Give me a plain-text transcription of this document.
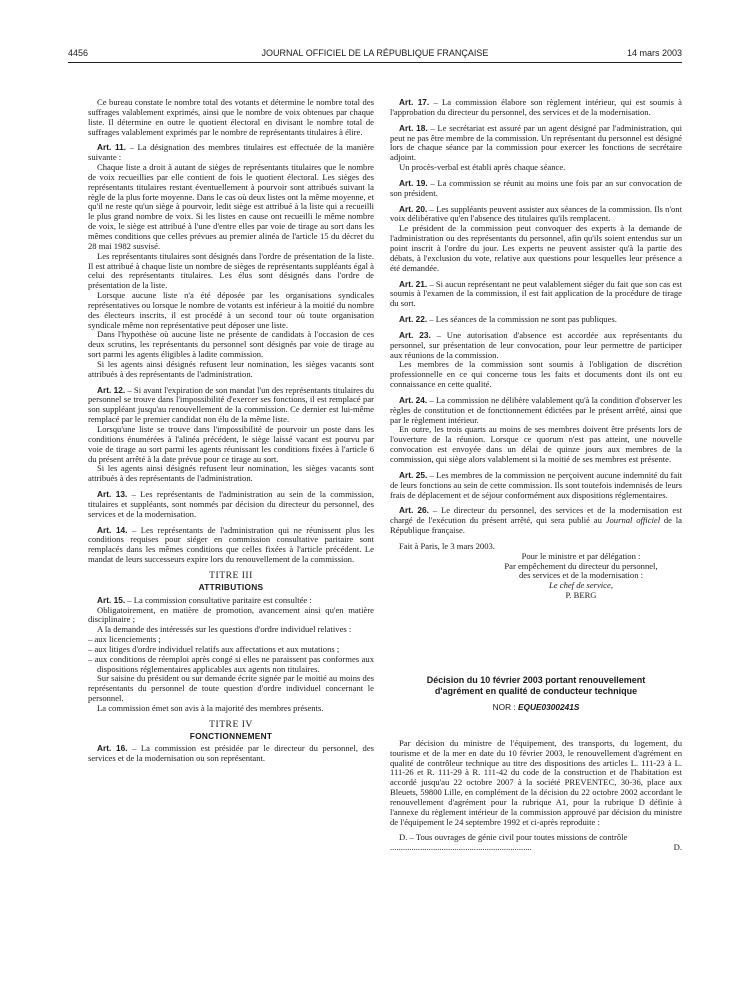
4456	JOURNAL OFFICIEL DE LA RÉPUBLIQUE FRANÇAISE	14 mars 2003

Ce bureau constate le nombre total des votants et détermine le nombre total des suffrages valablement exprimés, ainsi que le nombre de voix obtenues par chaque liste. Il détermine en outre le quotient électoral en divisant le nombre total de suffrages valablement exprimés par le nombre de représentants titulaires à élire.

Art. 11. – La désignation des membres titulaires est effectuée de la manière suivante :

Chaque liste a droit à autant de sièges de représentants titulaires que le nombre de voix recueillies par elle contient de fois le quotient électoral. Les sièges des représentants titulaires restant éventuellement à pourvoir sont attribués suivant la règle de la plus forte moyenne. Dans le cas où deux listes ont la même moyenne, et qu'il ne reste qu'un siège à pourvoir, ledit siège est attribué à la liste qui a recueilli le plus grand nombre de voix. Si les listes en cause ont recueilli le même nombre de voix, le siège est attribué à l'une d'entre elles par voie de tirage au sort dans les mêmes conditions que celles prévues au premier alinéa de l'article 15 du décret du 28 mai 1982 susvisé.

Les représentants titulaires sont désignés dans l'ordre de présentation de la liste. Il est attribué à chaque liste un nombre de sièges de représentants suppléants égal à celui des représentants titulaires. Les élus sont désignés dans l'ordre de présentation de la liste.

Lorsque aucune liste n'a été déposée par les organisations syndicales représentatives ou lorsque le nombre de votants est inférieur à la moitié du nombre des électeurs inscrits, il est procédé à un second tour où toute organisation syndicale même non représentative peut déposer une liste.

Dans l'hypothèse où aucune liste ne présente de candidats à l'occasion de ces deux scrutins, les représentants du personnel sont désignés par voie de tirage au sort parmi les agents éligibles à ladite commission.

Si les agents ainsi désignés refusent leur nomination, les sièges vacants sont attribués à des représentants de l'administration.

Art. 12. – Si avant l'expiration de son mandat l'un des représentants titulaires du personnel se trouve dans l'impossibilité d'exercer ses fonctions, il est remplacé par son suppléant jusqu'au renouvellement de la commission. Ce dernier est lui-même remplacé par le premier candidat non élu de la même liste.

Lorsqu'une liste se trouve dans l'impossibilité de pourvoir un poste dans les conditions énumérées à l'alinéa précédent, le siège laissé vacant est pourvu par voie de tirage au sort parmi les agents réunissant les conditions fixées à l'article 6 du présent arrêté à la date prévue pour ce tirage au sort.

Si les agents ainsi désignés refusent leur nomination, les sièges vacants sont attribués à des représentants de l'administration.

Art. 13. – Les représentants de l'administration au sein de la commission, titulaires et suppléants, sont nommés par décision du directeur du personnel, des services et de la modernisation.

Art. 14. – Les représentants de l'administration qui ne réunissent plus les conditions requises pour siéger en commission consultative paritaire sont remplacés dans les mêmes conditions que celles fixées à l'article précédent. Le mandat de leurs successeurs expire lors du renouvellement de la commission.

TITRE III
ATTRIBUTIONS

Art. 15. – La commission consultative paritaire est consultée :

Obligatoirement, en matière de promotion, avancement ainsi qu'en matière disciplinaire ;

A la demande des intéressés sur les questions d'ordre individuel relatives :

– aux licenciements ;
– aux litiges d'ordre individuel relatifs aux affectations et aux mutations ;
– aux conditions de réemploi après congé si elles ne paraissent pas conformes aux dispositions réglementaires applicables aux agents non titulaires.

Sur saisine du président ou sur demande écrite signée par le moitié au moins des représentants du personnel de toute question d'ordre individuel concernant le personnel.

La commission émet son avis à la majorité des membres présents.

TITRE IV
FONCTIONNEMENT

Art. 16. – La commission est présidée par le directeur du personnel, des services et de la modernisation ou son représentant.

Art. 17. – La commission élabore son règlement intérieur, qui est soumis à l'approbation du directeur du personnel, des services et de la modernisation.

Art. 18. – Le secrétariat est assuré par un agent désigné par l'administration, qui peut ne pas être membre de la commission. Un représentant du personnel est désigné lors de chaque séance par la commission pour exercer les fonctions de secrétaire adjoint.

Un procès-verbal est établi après chaque séance.

Art. 19. – La commission se réunit au moins une fois par an sur convocation de son président.

Art. 20. – Les suppléants peuvent assister aux séances de la commission. Ils n'ont voix délibérative qu'en l'absence des titulaires qu'ils remplacent.

Le président de la commission peut convoquer des experts à la demande de l'administration ou des représentants du personnel, afin qu'ils soient entendus sur un point inscrit à l'ordre du jour. Les experts ne peuvent assister qu'à la partie des débats, à l'exclusion du vote, relative aux questions pour lesquelles leur présence a été demandée.

Art. 21. – Si aucun représentant ne peut valablement siéger du fait que son cas est soumis à l'examen de la commission, il est fait application de la procédure de tirage du sort.

Art. 22. – Les séances de la commission ne sont pas publiques.

Art. 23. – Une autorisation d'absence est accordée aux représentants du personnel, sur présentation de leur convocation, pour leur permettre de participer aux réunions de la commission.

Les membres de la commission sont soumis à l'obligation de discrétion professionnelle en ce qui concerne tous les faits et documents dont ils ont eu connaissance en cette qualité.

Art. 24. – La commission ne délibère valablement qu'à la condition d'observer les règles de constitution et de fonctionnement édictées par le présent arrêté, ainsi que par le règlement intérieur.

En outre, les trois quarts au moins de ses membres doivent être présents lors de l'ouverture de la réunion. Lorsque ce quorum n'est pas atteint, une nouvelle convocation est envoyée dans un délai de quinze jours aux membres de la commission, qui siège alors valablement si la moitié de ses membres est présente.

Art. 25. – Les membres de la commission ne perçoivent aucune indemnité du fait de leurs fonctions au sein de cette commission. Ils sont toutefois indemnisés de leurs frais de déplacement et de séjour conformément aux dispositions réglementaires.

Art. 26. – Le directeur du personnel, des services et de la modernisation est chargé de l'exécution du présent arrêté, qui sera publié au Journal officiel de la République française.

Fait à Paris, le 3 mars 2003.

Pour le ministre et par délégation :
Par empêchement du directeur du personnel,
des services et de la modernisation :
Le chef de service,
P. BERG
Décision du 10 février 2003 portant renouvellement
d'agrément en qualité de conducteur technique
NOR : EQUE0300241S

Par décision du ministre de l'équipement, des transports, du logement, du tourisme et de la mer en date du 10 février 2003, le renouvellement d'agrément en qualité de contrôleur technique au titre des dispositions des articles L. 111-23 à L. 111-26 et R. 111-29 à R. 111-42 du code de la construction et de l'habitation est accordé jusqu'au 22 octobre 2007 à la société PREVENTEC, 30-36, place aux Bleuets, 59800 Lille, en complément de la décision du 22 octobre 2002 accordant le renouvellement d'agrément pour la rubrique A1, pour la rubrique D définie à l'annexe du règlement intérieur de la commission approuvé par décision du ministre de l'équipement le 24 septembre 1992 et ci-après reproduite :

D. – Tous ouvrages de génie civil pour toutes missions de contrôle

..................................................................	D.
